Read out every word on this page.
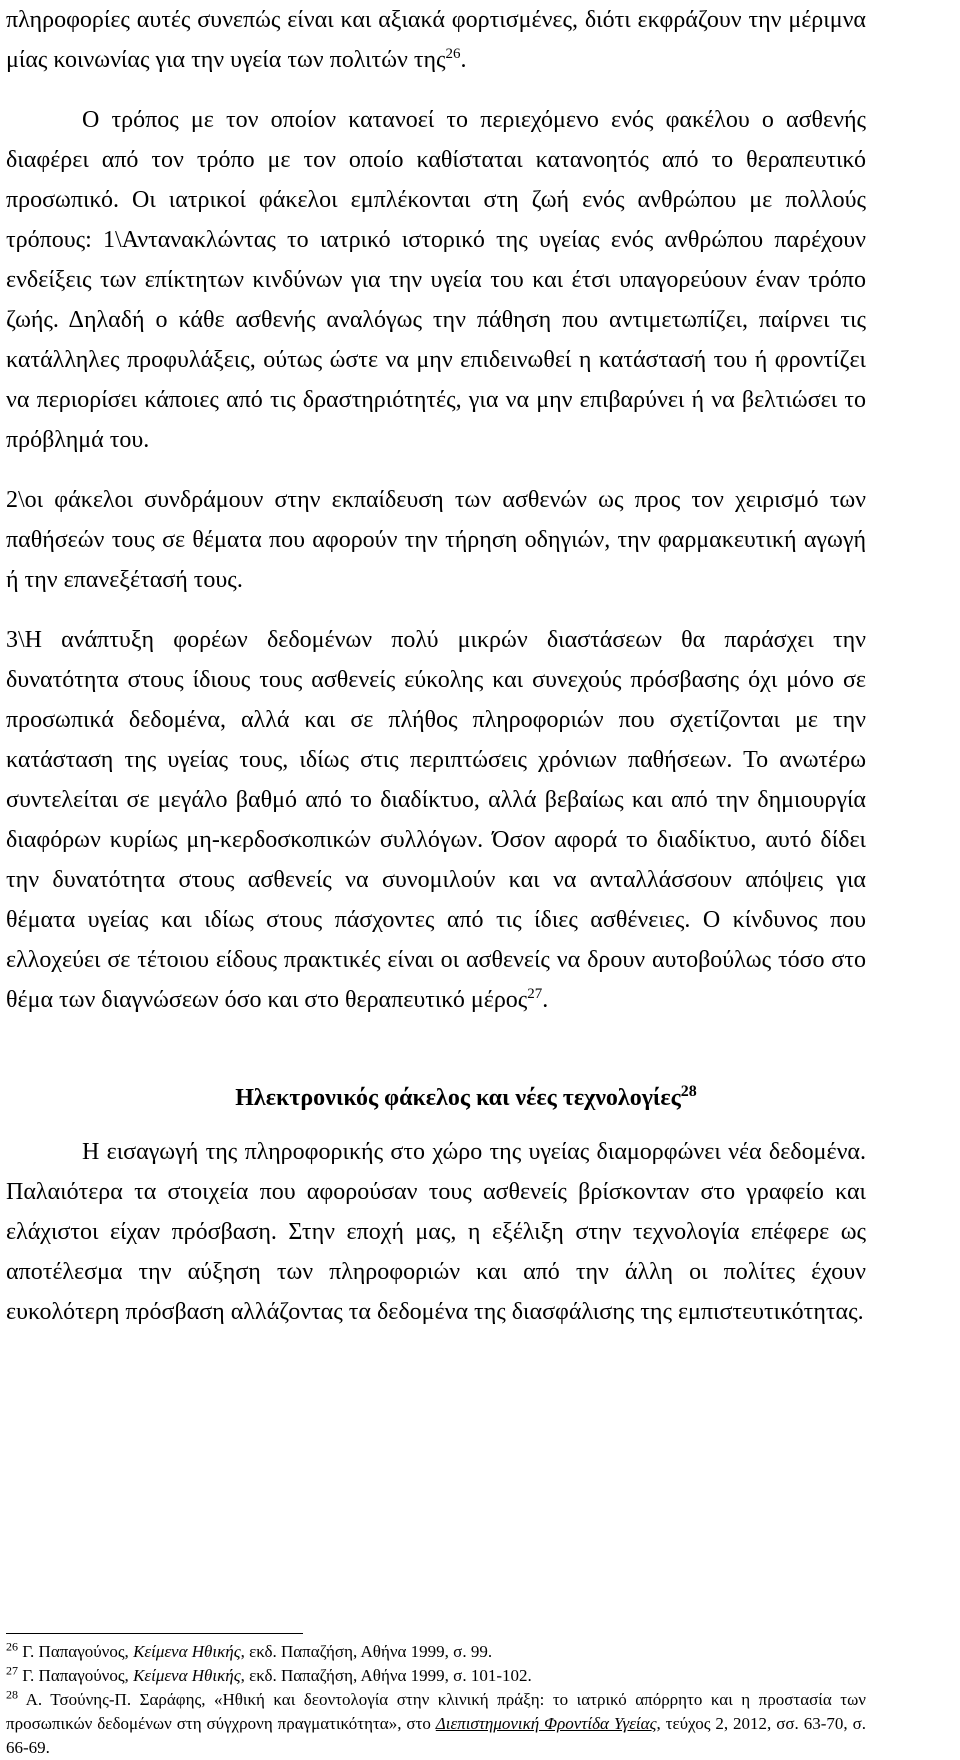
πληροφορίες αυτές συνεπώς είναι και αξιακά φορτισμένες, διότι εκφράζουν την μέριμνα μίας κοινωνίας για την υγεία των πολιτών της$^{26}$.

Ο τρόπος με τον οποίον κατανοεί το περιεχόμενο ενός φακέλου ο ασθενής διαφέρει από τον τρόπο με τον οποίο καθίσταται κατανοητός από το θεραπευτικό προσωπικό. Οι ιατρικοί φάκελοι εμπλέκονται στη ζωή ενός ανθρώπου με πολλούς τρόπους: 1\Αντανακλώντας το ιατρικό ιστορικό της υγείας ενός ανθρώπου παρέχουν ενδείξεις των επίκτητων κινδύνων για την υγεία του και έτσι υπαγορεύουν έναν τρόπο ζωής. Δηλαδή ο κάθε ασθενής αναλόγως την πάθηση που αντιμετωπίζει, παίρνει τις κατάλληλες προφυλάξεις, ούτως ώστε να μην επιδεινωθεί η κατάστασή του ή φροντίζει να περιορίσει κάποιες από τις δραστηριότητές, για να μην επιβαρύνει ή να βελτιώσει το πρόβλημά του.

2\οι φάκελοι συνδράμουν στην εκπαίδευση των ασθενών ως προς τον χειρισμό των παθήσεών τους σε θέματα που αφορούν την τήρηση οδηγιών, την φαρμακευτική αγωγή ή την επανεξέτασή τους.

3\Η ανάπτυξη φορέων δεδομένων πολύ μικρών διαστάσεων θα παράσχει την δυνατότητα στους ίδιους τους ασθενείς εύκολης και συνεχούς πρόσβασης όχι μόνο σε προσωπικά δεδομένα, αλλά και σε πλήθος πληροφοριών που σχετίζονται με την κατάσταση της υγείας τους, ιδίως στις περιπτώσεις χρόνιων παθήσεων. Το ανωτέρω συντελείται σε μεγάλο βαθμό από το διαδίκτυο, αλλά βεβαίως και από την δημιουργία διαφόρων κυρίως μη-κερδοσκοπικών συλλόγων. Όσον αφορά το διαδίκτυο, αυτό δίδει την δυνατότητα στους ασθενείς να συνομιλούν και να ανταλλάσσουν απόψεις για θέματα υγείας και ιδίως στους πάσχοντες από τις ίδιες ασθένειες. Ο κίνδυνος που ελλοχεύει σε τέτοιου είδους πρακτικές είναι οι ασθενείς να δρουν αυτοβούλως τόσο στο θέμα των διαγνώσεων όσο και στο θεραπευτικό μέρος$^{27}$.

Ηλεκτρονικός φάκελος και νέες τεχνολογίες$^{28}$

Η εισαγωγή της πληροφορικής στο χώρο της υγείας διαμορφώνει νέα δεδομένα. Παλαιότερα τα στοιχεία που αφορούσαν τους ασθενείς βρίσκονταν στο γραφείο και ελάχιστοι είχαν πρόσβαση. Στην εποχή μας, η εξέλιξη στην τεχνολογία επέφερε ως αποτέλεσμα την αύξηση των πληροφοριών και από την άλλη οι πολίτες έχουν ευκολότερη πρόσβαση αλλάζοντας τα δεδομένα της διασφάλισης της εμπιστευτικότητας.

$^{26}$ Γ. Παπαγούνος, Κείμενα Ηθικής, εκδ. Παπαζήση, Αθήνα 1999, σ. 99.

$^{27}$ Γ. Παπαγούνος, Κείμενα Ηθικής, εκδ. Παπαζήση, Αθήνα 1999, σ. 101-102.

$^{28}$ Α. Τσούνης-Π. Σαράφης, «Ηθική και δεοντολογία στην κλινική πράξη: το ιατρικό απόρρητο και η προστασία των προσωπικών δεδομένων στη σύγχρονη πραγματικότητα», στο Διεπιστημονική Φροντίδα Υγείας, τεύχος 2, 2012, σσ. 63-70, σ. 66-69.
